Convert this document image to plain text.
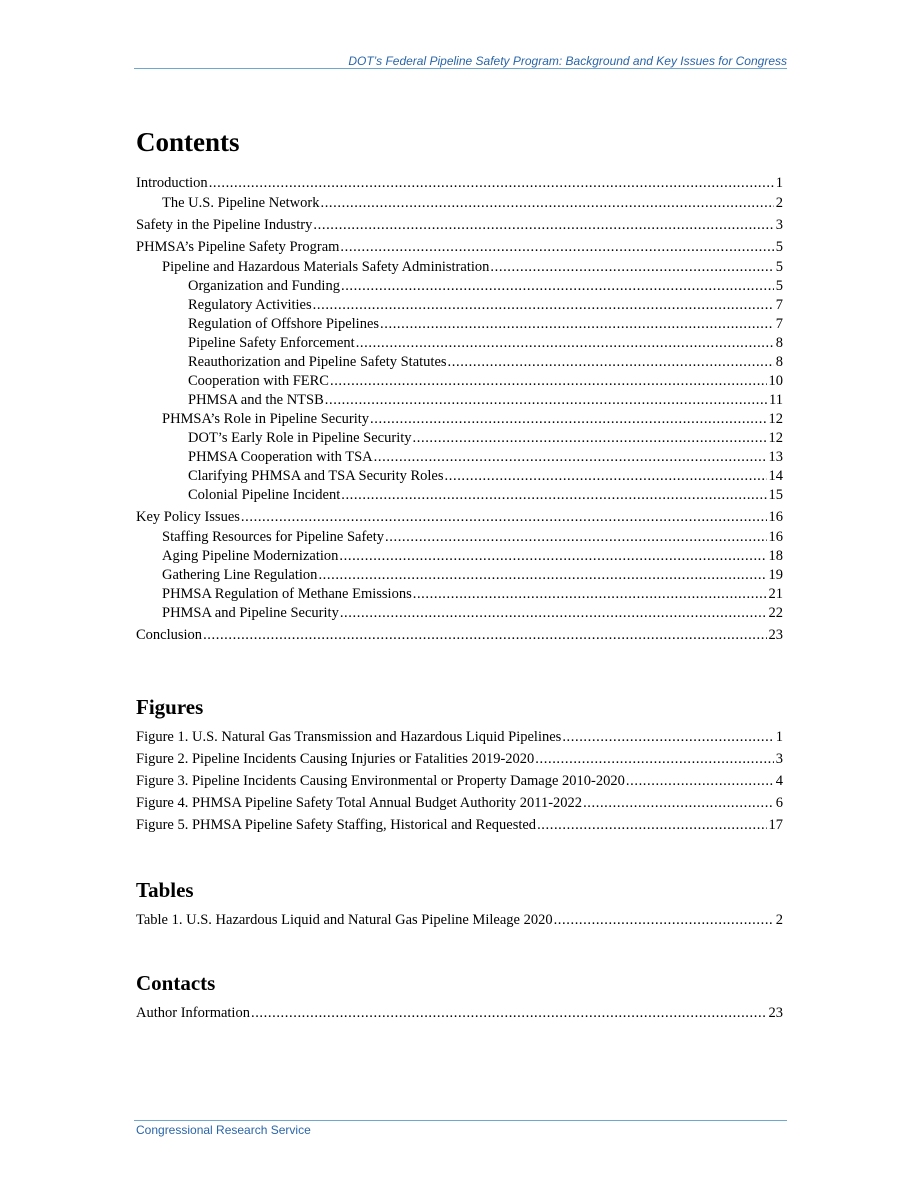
DOT’s Federal Pipeline Safety Program: Background and Key Issues for Congress
Contents
Introduction .....	1
The U.S. Pipeline Network .....	2
Safety in the Pipeline Industry .....	3
PHMSA’s Pipeline Safety Program .....	5
Pipeline and Hazardous Materials Safety Administration .....	5
Organization and Funding .....	5
Regulatory Activities .....	7
Regulation of Offshore Pipelines .....	7
Pipeline Safety Enforcement .....	8
Reauthorization and Pipeline Safety Statutes .....	8
Cooperation with FERC .....	10
PHMSA and the NTSB .....	11
PHMSA’s Role in Pipeline Security .....	12
DOT’s Early Role in Pipeline Security .....	12
PHMSA Cooperation with TSA .....	13
Clarifying PHMSA and TSA Security Roles .....	14
Colonial Pipeline Incident .....	15
Key Policy Issues .....	16
Staffing Resources for Pipeline Safety .....	16
Aging Pipeline Modernization .....	18
Gathering Line Regulation .....	19
PHMSA Regulation of Methane Emissions .....	21
PHMSA and Pipeline Security .....	22
Conclusion .....	23
Figures
Figure 1. U.S. Natural Gas Transmission and Hazardous Liquid Pipelines .....	1
Figure 2. Pipeline Incidents Causing Injuries or Fatalities 2019-2020 .....	3
Figure 3. Pipeline Incidents Causing Environmental or Property Damage 2010-2020 .....	4
Figure 4. PHMSA Pipeline Safety Total Annual Budget Authority 2011-2022 .....	6
Figure 5. PHMSA Pipeline Safety Staffing, Historical and Requested .....	17
Tables
Table 1. U.S. Hazardous Liquid and Natural Gas Pipeline Mileage 2020 .....	2
Contacts
Author Information .....	23
Congressional Research Service
